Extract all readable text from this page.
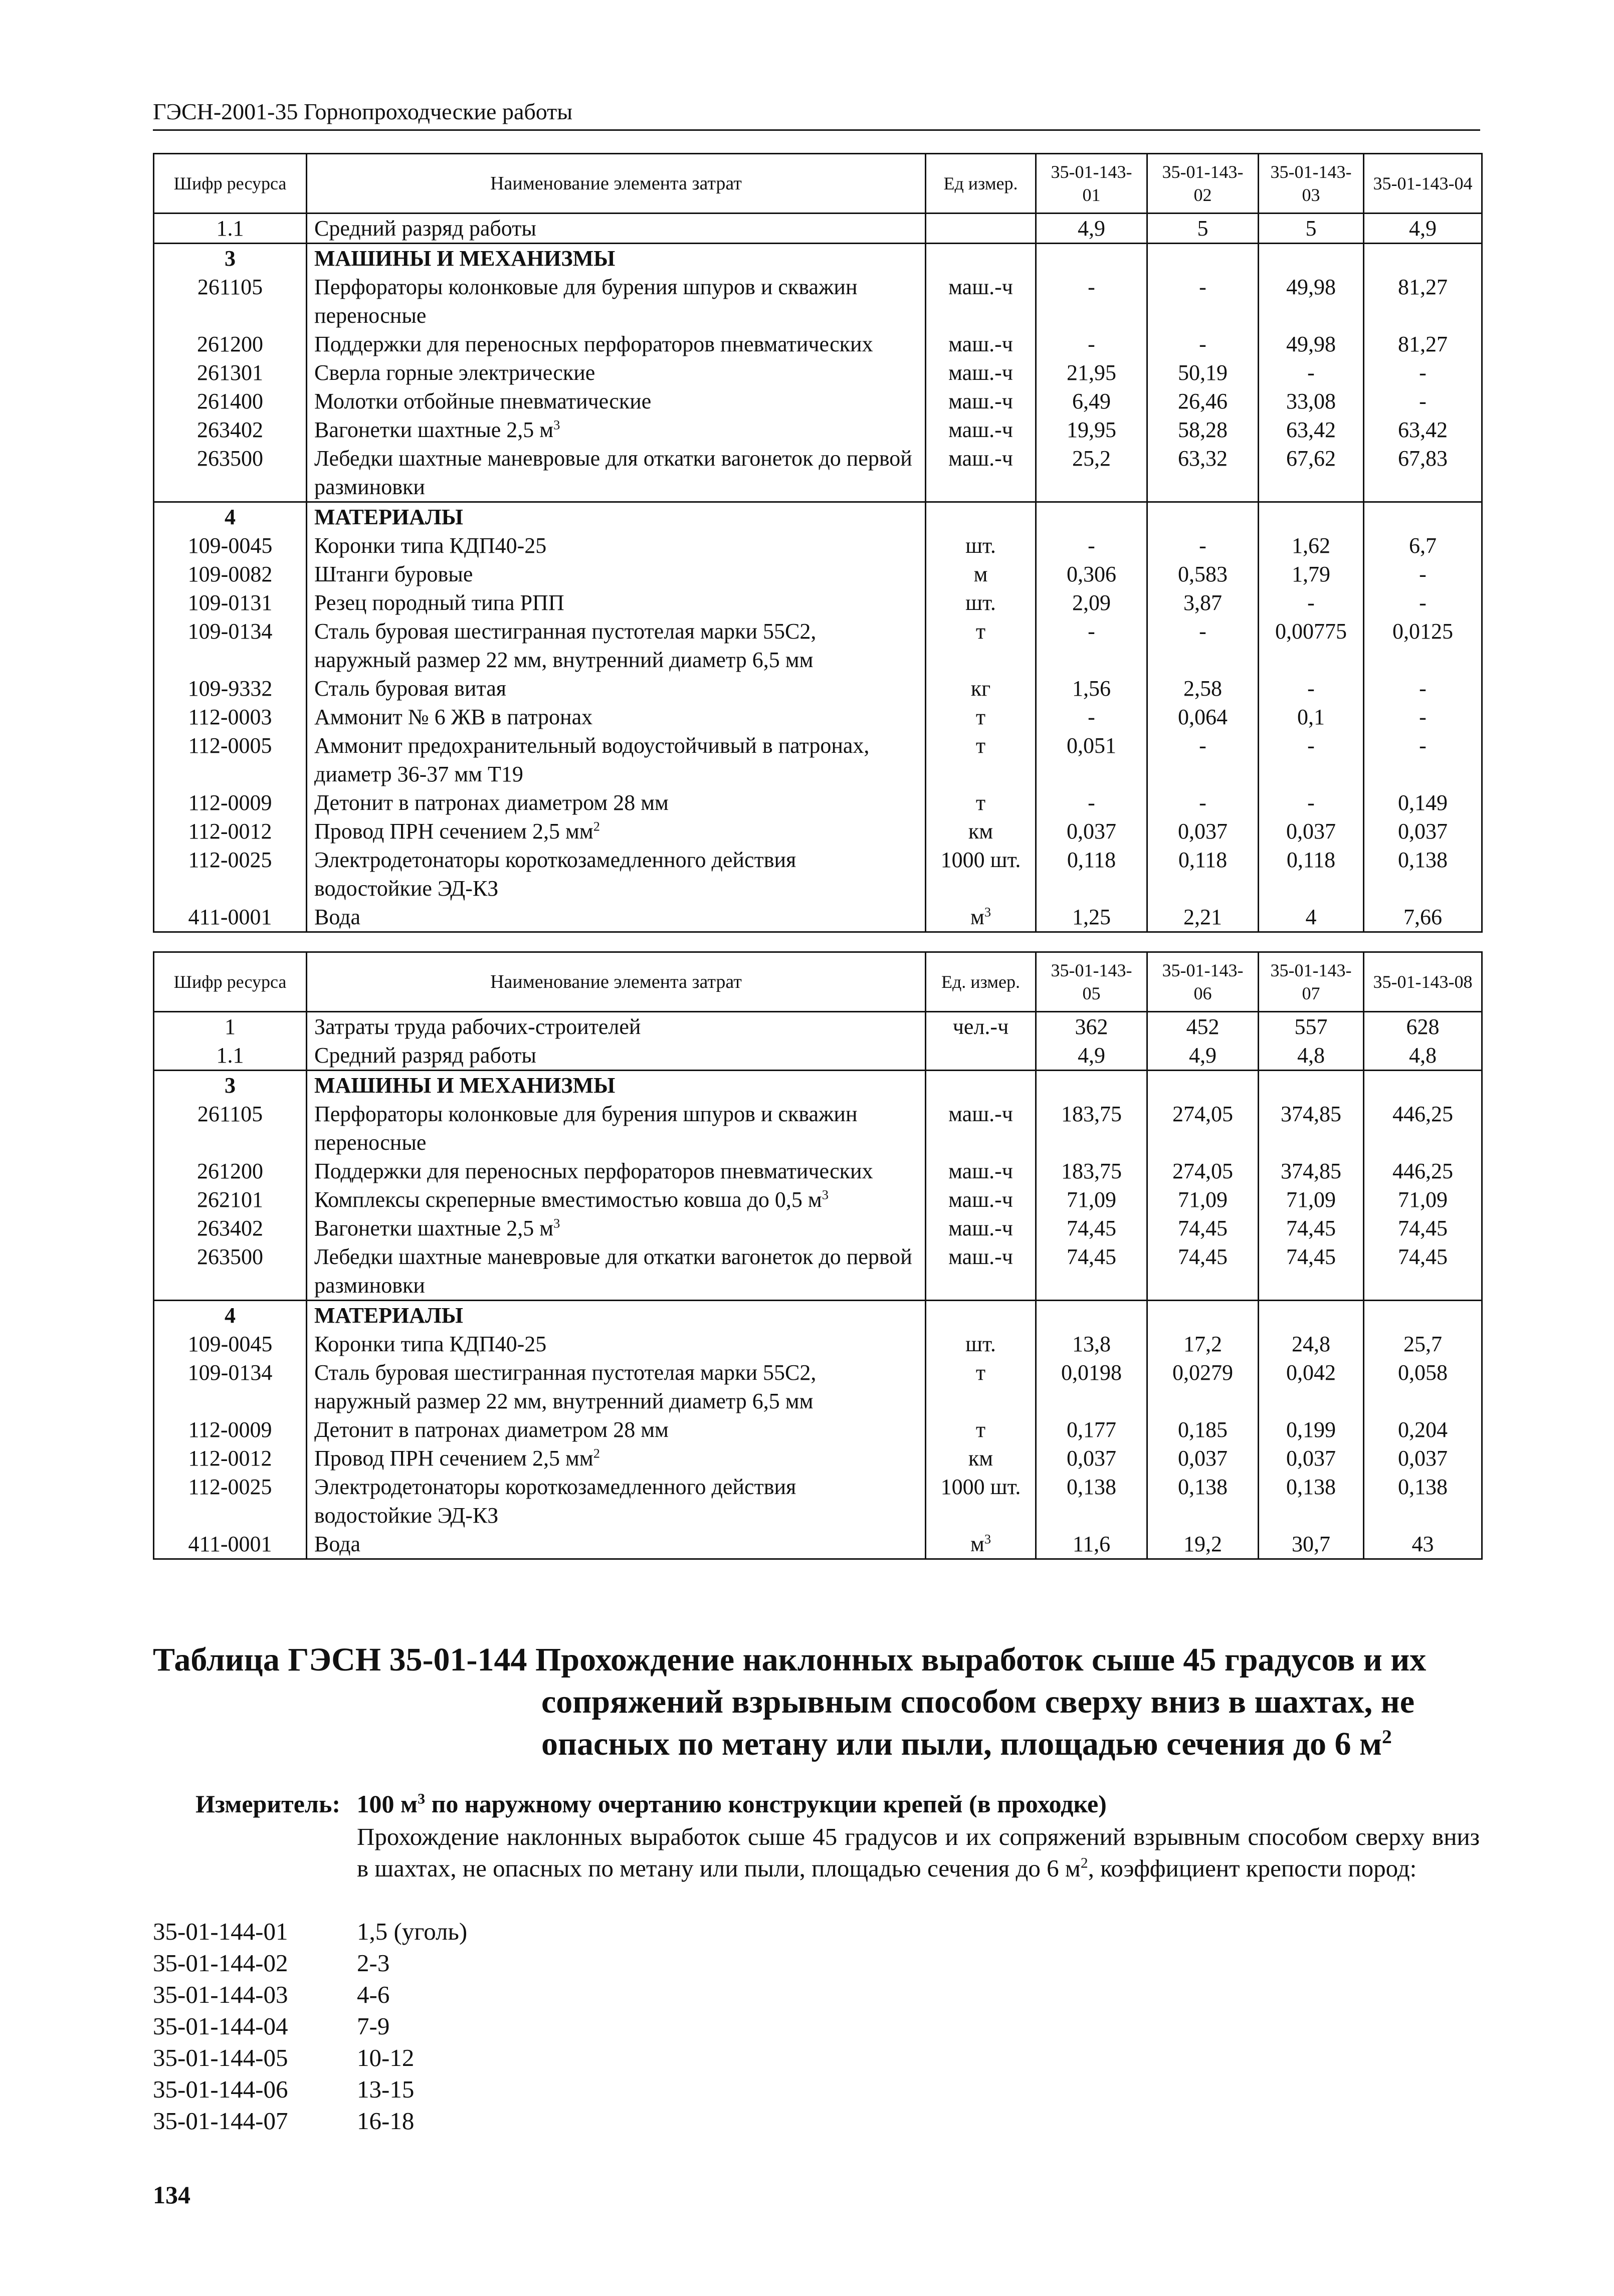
ГЭСН-2001-35 Горнопроходческие работы
Шифр ресурса	Наименование элемента затрат	Ед измер.	35-01-143-01	35-01-143-02	35-01-143-03	35-01-143-04
1.1	Средний разряд работы		4,9	5	5	4,9
3	МАШИНЫ И МЕХАНИЗМЫ					
261105	Перфораторы колонковые для бурения шпуров и скважин переносные	маш.-ч	-	-	49,98	81,27
261200	Поддержки для переносных перфораторов пневматических	маш.-ч	-	-	49,98	81,27
261301	Сверла горные электрические	маш.-ч	21,95	50,19	-	-
261400	Молотки отбойные пневматические	маш.-ч	6,49	26,46	33,08	-
263402	Вагонетки шахтные 2,5 $м^3$	маш.-ч	19,95	58,28	63,42	63,42
263500	Лебедки шахтные маневровые для откатки вагонеток до первой разминовки	маш.-ч	25,2	63,32	67,62	67,83
4	МАТЕРИАЛЫ					
109-0045	Коронки типа КДП40-25	шт.	-	-	1,62	6,7
109-0082	Штанги буровые	м	0,306	0,583	1,79	-
109-0131	Резец породный типа РПП	шт.	2,09	3,87	-	-
109-0134	Сталь буровая шестигранная пустотелая марки 55С2, наружный размер 22 мм, внутренний диаметр 6,5 мм	т	-	-	0,00775	0,0125
109-9332	Сталь буровая витая	кг	1,56	2,58	-	-
112-0003	Аммонит № 6 ЖВ в патронах	т	-	0,064	0,1	-
112-0005	Аммонит предохранительный водоустойчивый в патронах, диаметр 36-37 мм Т19	т	0,051	-	-	-
112-0009	Детонит в патронах диаметром 28 мм	т	-	-	-	0,149
112-0012	Провод ПРН сечением 2,5 $мм^2$	км	0,037	0,037	0,037	0,037
112-0025	Электродетонаторы короткозамедленного действия водостойкие ЭД-КЗ	1000 шт.	0,118	0,118	0,118	0,138
411-0001	Вода	$м^3$	1,25	2,21	4	7,66
Шифр ресурса	Наименование элемента затрат	Ед. измер.	35-01-143-05	35-01-143-06	35-01-143-07	35-01-143-08
1	Затраты труда рабочих-строителей	чел.-ч	362	452	557	628
1.1	Средний разряд работы		4,9	4,9	4,8	4,8
3	МАШИНЫ И МЕХАНИЗМЫ					
261105	Перфораторы колонковые для бурения шпуров и скважин переносные	маш.-ч	183,75	274,05	374,85	446,25
261200	Поддержки для переносных перфораторов пневматических	маш.-ч	183,75	274,05	374,85	446,25
262101	Комплексы скреперные вместимостью ковша до 0,5 $м^3$	маш.-ч	71,09	71,09	71,09	71,09
263402	Вагонетки шахтные 2,5 $м^3$	маш.-ч	74,45	74,45	74,45	74,45
263500	Лебедки шахтные маневровые для откатки вагонеток до первой разминовки	маш.-ч	74,45	74,45	74,45	74,45
4	МАТЕРИАЛЫ					
109-0045	Коронки типа КДП40-25	шт.	13,8	17,2	24,8	25,7
109-0134	Сталь буровая шестигранная пустотелая марки 55С2, наружный размер 22 мм, внутренний диаметр 6,5 мм	т	0,0198	0,0279	0,042	0,058
112-0009	Детонит в патронах диаметром 28 мм	т	0,177	0,185	0,199	0,204
112-0012	Провод ПРН сечением 2,5 $мм^2$	км	0,037	0,037	0,037	0,037
112-0025	Электродетонаторы короткозамедленного действия водостойкие ЭД-КЗ	1000 шт.	0,138	0,138	0,138	0,138
411-0001	Вода	$м^3$	11,6	19,2	30,7	43
Таблица ГЭСН 35-01-144 Прохождение наклонных выработок сыше 45 градусов и их
сопряжений взрывным способом сверху вниз в шахтах, не
опасных по метану или пыли, площадью сечения до 6 $м^2$
Измеритель: 100 $м^3$ по наружному очертанию конструкции крепей (в проходке)
Прохождение наклонных выработок сыше 45 градусов и их сопряжений взрывным способом сверху вниз в шахтах, не опасных по метану или пыли, площадью сечения до 6 $м^2$, коэффициент крепости пород:
35-01-144-01	1,5 (уголь)
35-01-144-02	2-3
35-01-144-03	4-6
35-01-144-04	7-9
35-01-144-05	10-12
35-01-144-06	13-15
35-01-144-07	16-18
134
